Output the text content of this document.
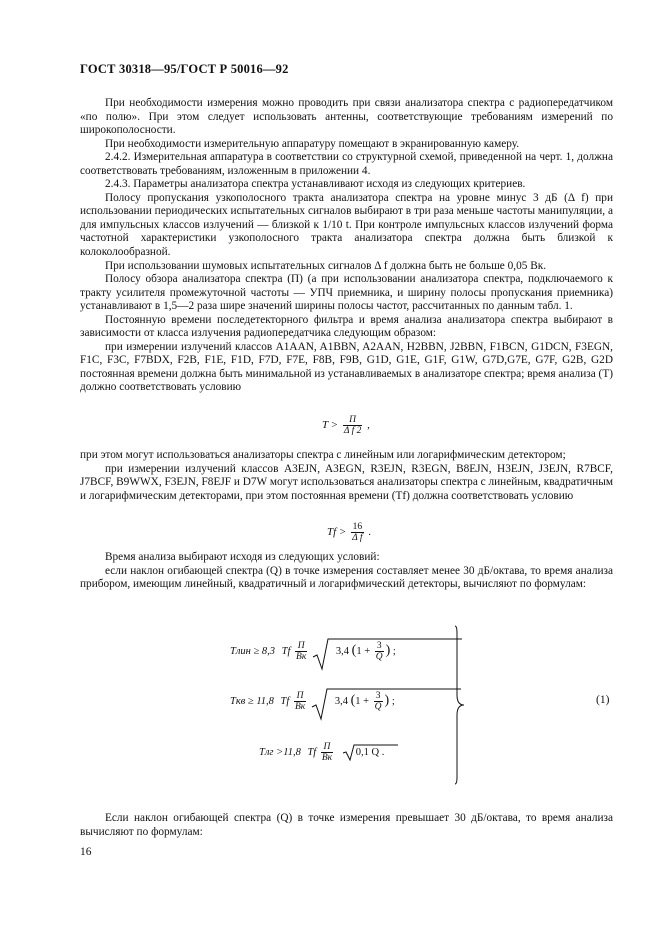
ГОСТ 30318—95/ГОСТ Р 50016—92

При необходимости измерения можно проводить при связи анализатора спектра с радиопередатчиком «по полю». При этом следует использовать антенны, соответствующие требованиям измерений по широкополосности.

При необходимости измерительную аппаратуру помещают в экранированную камеру.

2.4.2. Измерительная аппаратура в соответствии со структурной схемой, приведенной на черт. 1, должна соответствовать требованиям, изложенным в приложении 4.

2.4.3. Параметры анализатора спектра устанавливают исходя из следующих критериев.

Полосу пропускания узкополосного тракта анализатора спектра на уровне минус 3 дБ (Δ f) при использовании периодических испытательных сигналов выбирают в три раза меньше частоты манипуляции, а для импульсных классов излучений — близкой к 1/10 t. При контроле импульсных классов излучений форма частотной характеристики узкополосного тракта анализатора спектра должна быть близкой к колоколообразной.

При использовании шумовых испытательных сигналов Δ f должна быть не больше 0,05 Bк.

Полосу обзора анализатора спектра (П) (а при использовании анализатора спектра, подключаемого к тракту усилителя промежуточной частоты — УПЧ приемника, и ширину полосы пропускания приемника) устанавливают в 1,5—2 раза шире значений ширины полосы частот, рассчитанных по данным табл. 1.

Постоянную времени последетекторного фильтра и время анализа анализатора спектра выбирают в зависимости от класса излучения радиопередатчика следующим образом:

при измерении излучений классов A1AAN, A1BBN, A2AAN, H2BBN, J2BBN, F1BCN, G1DCN, F3EGN, F1C, F3C, F7BDX, F2B, F1E, F1D, F7D, F7E, F8B, F9B, G1D, G1E, G1F, G1W, G7D,G7E, G7F, G2B, G2D постоянная времени должна быть минимальной из устанавливаемых в анализаторе спектра; время анализа (T) должно соответствовать условию

T >	П
Δ f 2 ,

при этом могут использоваться анализаторы спектра с линейным или логарифмическим детектором;

при измерении излучений классов A3EJN, A3EGN, R3EJN, R3EGN, B8EJN, H3EJN, J3EJN, R7BCF, J7BCF, B9WWX, F3EJN, F8EJF и D7W могут использоваться анализаторы спектра с линейным, квадратичным и логарифмическим детекторами, при этом постоянная времени (Tf) должна соответствовать условию

$Tf > \frac{16}{\text{Δ f}}$ .

Время анализа выбирают исходя из следующих условий:

если наклон огибающей спектра (Q) в точке измерения составляет менее 30 дБ/октава, то время анализа прибором, имеющим линейный, квадратичный и логарифмический детекторы, вычисляют по формулам:

Tлин ≥ 8,3 Tf П
Bк

3,4 ($1 + \frac{3}{Q}$ ) ;
Tкв ≥ 11,8 Tf П
Bк

3,4 ($1 + \frac{3}{Q}$ ) ;
Tлг >11,8 Tf П
Bк
0,1 Q .
(1)

Если наклон огибающей спектра (Q) в точке измерения превышает 30 дБ/октава, то время анализа вычисляют по формулам:

16
